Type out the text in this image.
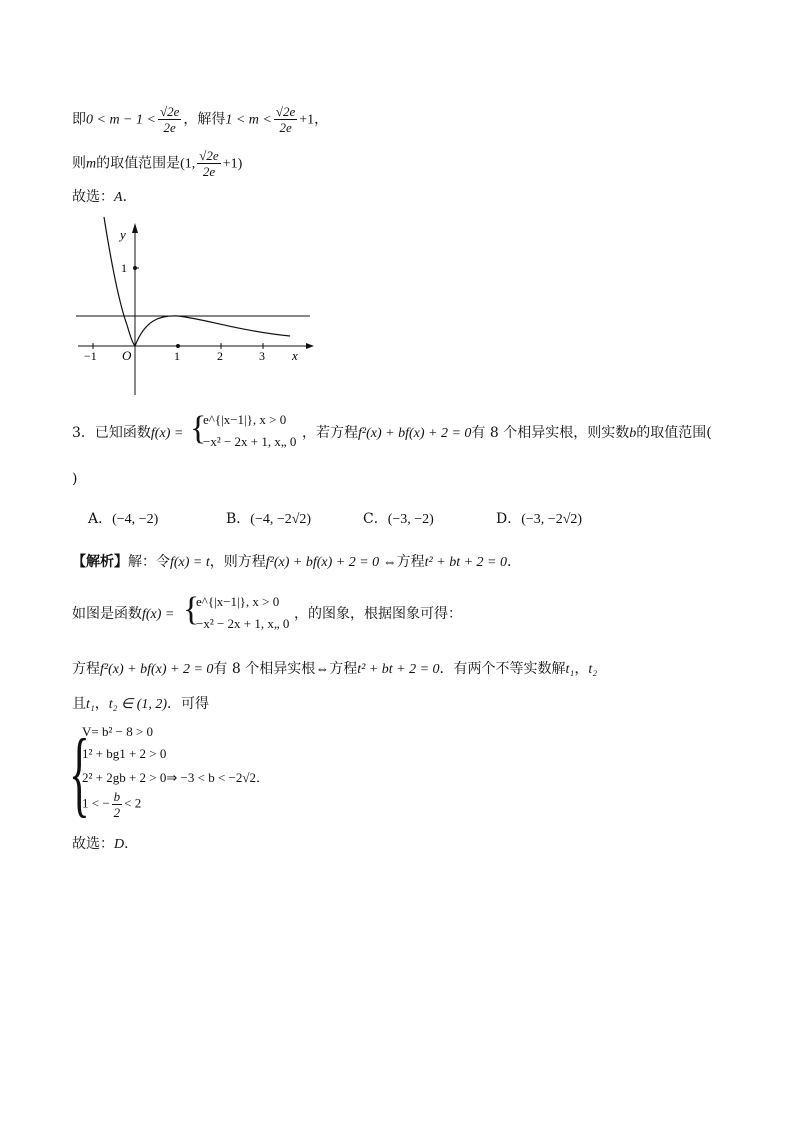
即$0 < m - 1 < \frac{√2e}{2e}$ ，解得$1 < m < \frac{√2e}{2e} +1$，
则m的取值范围是(1, $\frac{√2e}{2e} +1$)
故选：A．
y
1
O
−1	1	2	3 x
3．已知函数f(x) = {
e^{|x−1|}, x > 0
−x² − 2x + 1, x„ 0
，若方程f²(x) + bf(x) + 2 = 0有 8 个相异实根，则实数b的取值范围(
)
A．(−4, −2)	B．(−4, −2√2)	C．(−3, −2)	D．(−3, −2√2)
【解析】解：令f(x) = t，则方程f²(x) + bf(x) + 2 = 0 ⇔方程t² + bt + 2 = 0．
如图是函数f(x) = {
e^{|x−1|}, x > 0
−x² − 2x + 1, x„ 0
，的图象，根据图象可得：
方程f²(x) + bf(x) + 2 = 0有 8 个相异实根⇔方程t² + bt + 2 = 0．有两个不等实数解t₁，t₂
且t₁，t₂ ∈ (1, 2)．可得
{
V= b² − 8 > 0
1² + bg1 + 2 > 0
2² + 2gb + 2 > 0⇒ −3 < b < −2√2．
1 < − $\frac{b}{2} < 2$
故选：D．
